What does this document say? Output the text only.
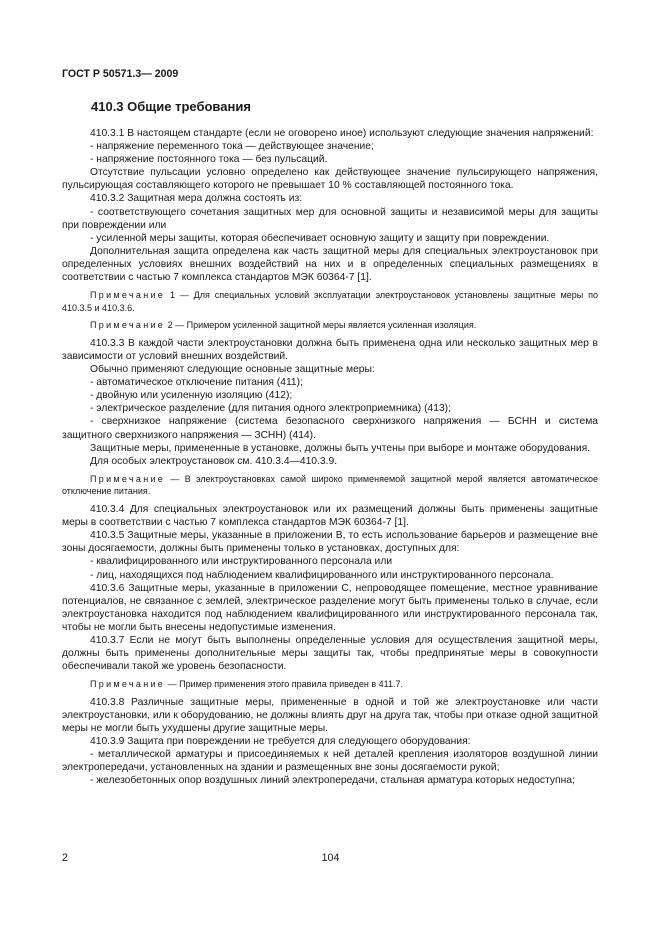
ГОСТ Р 50571.3— 2009
410.3 Общие требования

410.3.1 В настоящем стандарте (если не оговорено иное) используют следующие значения напряжений:

- напряжение переменного тока — действующее значение;

- напряжение постоянного тока — без пульсаций.

Отсутствие пульсации условно определено как действующее значение пульсирующего напряжения, пульсирующая составляющего которого не превышает 10 % составляющей постоянного тока.

410.3.2 Защитная мера должна состоять из:

- соответствующего сочетания защитных мер для основной защиты и независимой меры для защиты при повреждении или

- усиленной меры защиты, которая обеспечивает основную защиту и защиту при повреждении.

Дополнительная защита определена как часть защитной меры для специальных электроустановок при определенных условиях внешних воздействий на них и в определенных специальных размещениях в соответствии с частью 7 комплекса стандартов МЭК 60364-7 [1].

Примечание 1 — Для специальных условий эксплуатации электроустановок установлены защитные меры по 410.3.5 и 410.3.6.

Примечание 2 — Примером усиленной защитной меры является усиленная изоляция.

410.3.3 В каждой части электроустановки должна быть применена одна или несколько защитных мер в зависимости от условий внешних воздействий.

Обычно применяют следующие основные защитные меры:

- автоматическое отключение питания (411);

- двойную или усиленную изоляцию (412);

- электрическое разделение (для питания одного электроприемника) (413);

- сверхнизкое напряжение (система безопасного сверхнизкого напряжения — БСНН и система защитного сверхнизкого напряжения — ЗСНН) (414).

Защитные меры, примененные в установке, должны быть учтены при выборе и монтаже оборудования.

Для особых электроустановок см. 410.3.4—410.3.9.

Примечание — В электроустановках самой широко применяемой защитной мерой является автоматическое отключение питания.

410.3.4 Для специальных электроустановок или их размещений должны быть применены защитные меры в соответствии с частью 7 комплекса стандартов МЭК 60364-7 [1].

410.3.5 Защитные меры, указанные в приложении В, то есть использование барьеров и размещение вне зоны досягаемости, должны быть применены только в установках, доступных для:

- квалифицированного или инструктированного персонала или

- лиц, находящихся под наблюдением квалифицированного или инструктированного персонала.

410.3.6 Защитные меры, указанные в приложении С, непроводящее помещение, местное уравнивание потенциалов, не связанное с землей, электрическое разделение могут быть применены только в случае, если электроустановка находится под наблюдением квалифицированного или инструктированного персонала так, чтобы не могли быть внесены недопустимые изменения.

410.3.7 Если не могут быть выполнены определенные условия для осуществления защитной меры, должны быть применены дополнительные меры защиты так, чтобы предпринятые меры в совокупности обеспечивали такой же уровень безопасности.

Примечание — Пример применения этого правила приведен в 411.7.

410.3.8 Различные защитные меры, примененные в одной и той же электроустановке или части электроустановки, или к оборудованию, не должны влиять друг на друга так, чтобы при отказе одной защитной меры не могли быть ухудшены другие защитные меры.

410.3.9 Защита при повреждении не требуется для следующего оборудования:

- металлической арматуры и присоединяемых к ней деталей крепления изоляторов воздушной линии электропередачи, установленных на здании и размещенных вне зоны досягаемости рукой;

- железобетонных опор воздушных линий электропередачи, стальная арматура которых недоступна;

2	104
